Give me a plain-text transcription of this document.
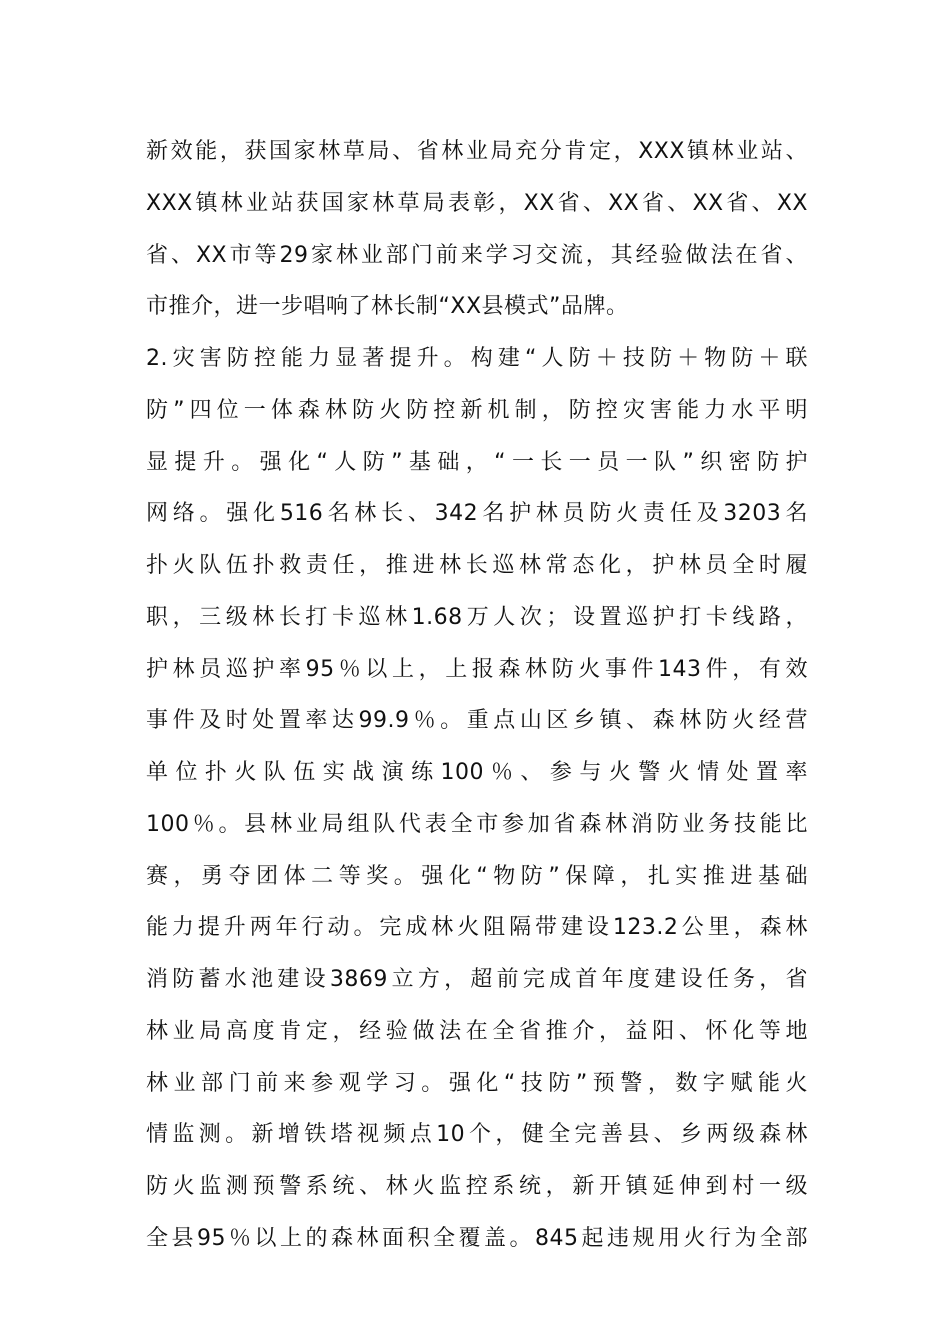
新效能，获国家林草局、省林业局充分肯定，XXX镇林业站、
XXX镇林业站获国家林草局表彰，XX省、XX省、XX省、XX
省、XX市等29家林业部门前来学习交流，其经验做法在省、
市推介，进一步唱响了林长制“XX县模式”品牌。
2.灾害防控能力显著提升。构建“人防＋技防＋物防＋联
防”四位一体森林防火防控新机制，防控灾害能力水平明
显提升。强化“人防”基础，“一长一员一队”织密防护
网络。强化516名林长、342名护林员防火责任及3203名
扑火队伍扑救责任，推进林长巡林常态化，护林员全时履
职，三级林长打卡巡林1.68万人次；设置巡护打卡线路，
护林员巡护率95％以上，上报森林防火事件143件，有效
事件及时处置率达99.9％。重点山区乡镇、森林防火经营
单位扑火队伍实战演练100％、参与火警火情处置率
100％。县林业局组队代表全市参加省森林消防业务技能比
赛，勇夺团体二等奖。强化“物防”保障，扎实推进基础
能力提升两年行动。完成林火阻隔带建设123.2公里，森林
消防蓄水池建设3869立方，超前完成首年度建设任务，省
林业局高度肯定，经验做法在全省推介，益阳、怀化等地
林业部门前来参观学习。强化“技防”预警，数字赋能火
情监测。新增铁塔视频点10个，健全完善县、乡两级森林
防火监测预警系统、林火监控系统，新开镇延伸到村一级
全县95％以上的森林面积全覆盖。845起违规用火行为全部
